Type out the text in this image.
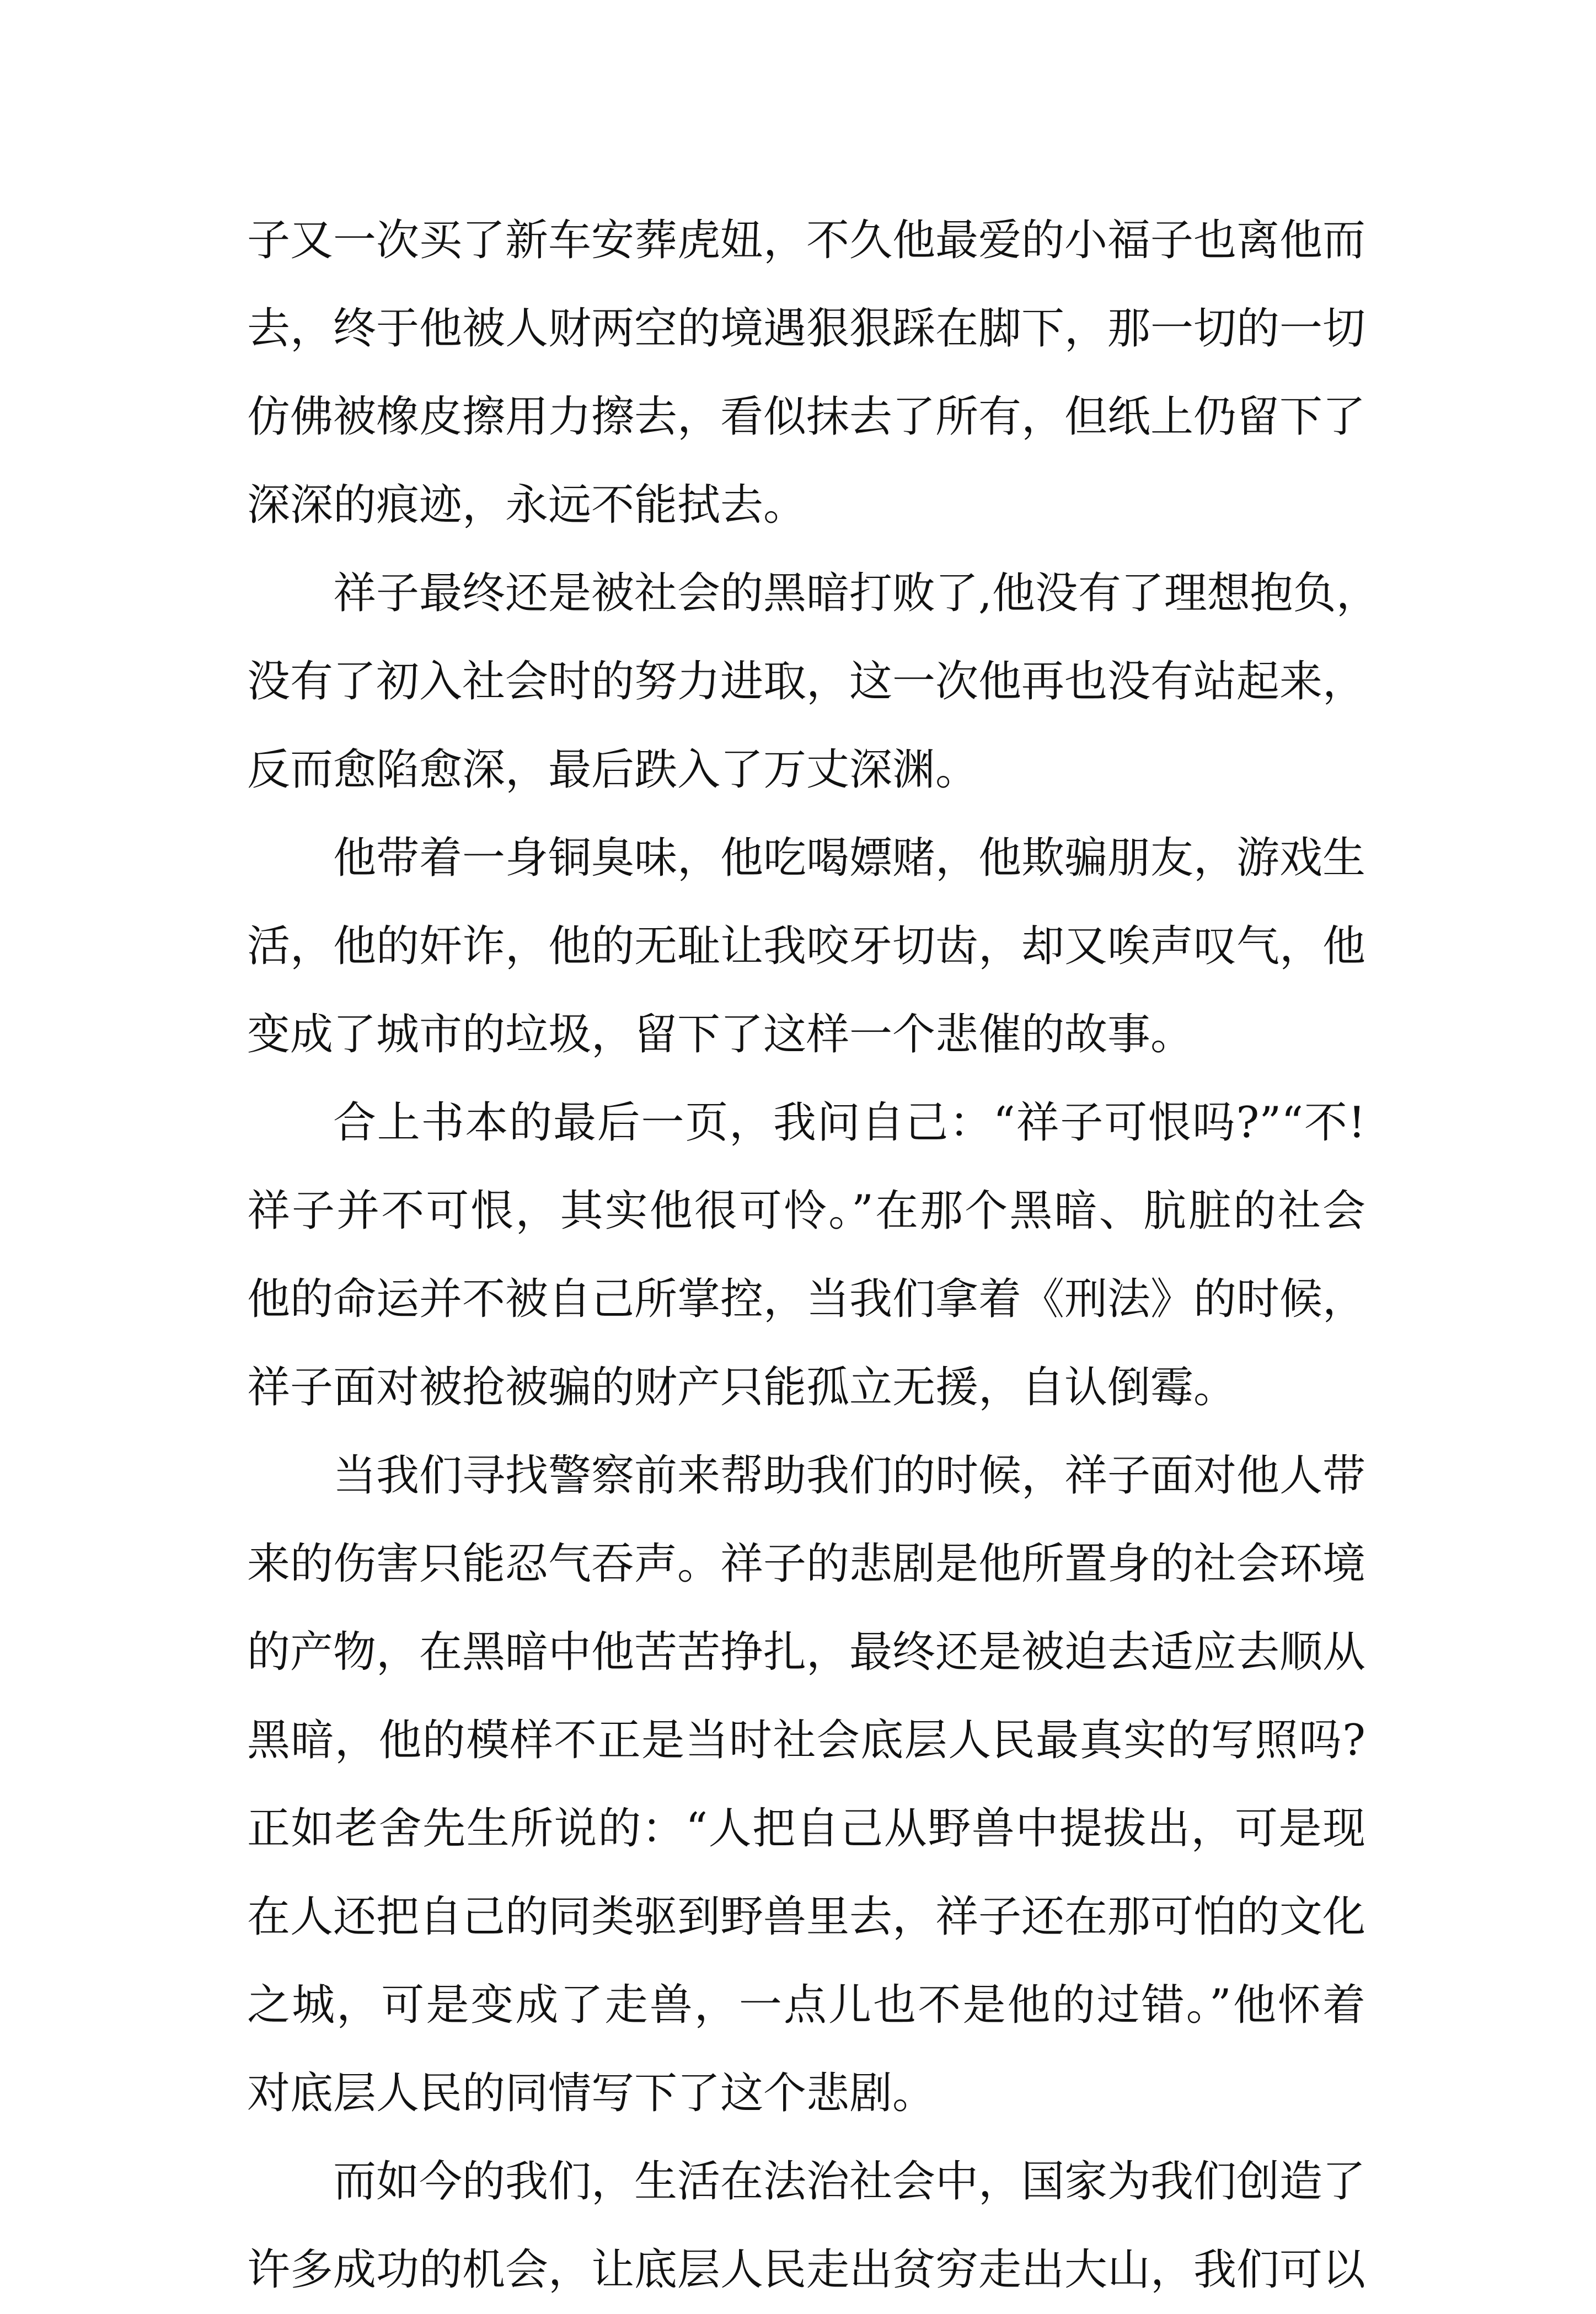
子又一次买了新车安葬虎妞，不久他最爱的小福子也离他而
去，终于他被人财两空的境遇狠狠踩在脚下，那一切的一切
仿佛被橡皮擦用力擦去，看似抹去了所有，但纸上仍留下了
深深的痕迹，永远不能拭去。
祥子最终还是被社会的黑暗打败了,他没有了理想抱负，
没有了初入社会时的努力进取，这一次他再也没有站起来，
反而愈陷愈深，最后跌入了万丈深渊。
他带着一身铜臭味，他吃喝嫖赌，他欺骗朋友，游戏生
活，他的奸诈，他的无耻让我咬牙切齿，却又唉声叹气，他
变成了城市的垃圾，留下了这样一个悲催的故事。
合上书本的最后一页，我问自己：“祥子可恨吗?”“不!
祥子并不可恨，其实他很可怜。”在那个黑暗、肮脏的社会
他的命运并不被自己所掌控，当我们拿着《刑法》的时候，
祥子面对被抢被骗的财产只能孤立无援，自认倒霉。
当我们寻找警察前来帮助我们的时候，祥子面对他人带
来的伤害只能忍气吞声。祥子的悲剧是他所置身的社会环境
的产物，在黑暗中他苦苦挣扎，最终还是被迫去适应去顺从
黑暗，他的模样不正是当时社会底层人民最真实的写照吗?
正如老舍先生所说的：“人把自己从野兽中提拔出，可是现
在人还把自己的同类驱到野兽里去，祥子还在那可怕的文化
之城，可是变成了走兽，一点儿也不是他的过错。”他怀着
对底层人民的同情写下了这个悲剧。
而如今的我们，生活在法治社会中，国家为我们创造了
许多成功的机会，让底层人民走出贫穷走出大山，我们可以
